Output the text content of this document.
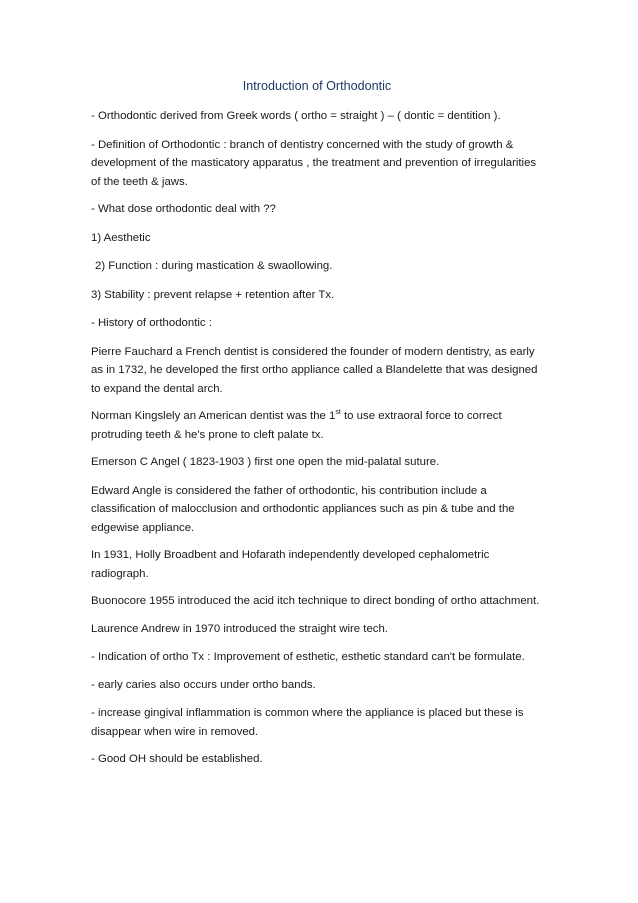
Introduction of Orthodontic
- Orthodontic derived from Greek words ( ortho = straight ) – ( dontic = dentition ).
- Definition of Orthodontic : branch of dentistry concerned with the study of growth & development of the masticatory apparatus , the treatment and prevention of irregularities of the teeth & jaws.
- What dose orthodontic deal with ??
1) Aesthetic
2) Function : during mastication & swaollowing.
3) Stability : prevent relapse + retention after Tx.
- History of orthodontic :
Pierre Fauchard a French dentist is considered the founder of modern dentistry, as early as in 1732, he developed the first ortho appliance called a Blandelette that was designed to expand the dental arch.
Norman Kingslely an American dentist was the 1st to use extraoral force to correct protruding teeth & he's prone to cleft palate tx.
Emerson C Angel ( 1823-1903 ) first one open the mid-palatal suture.
Edward Angle is considered the father of orthodontic, his contribution include a classification of malocclusion and orthodontic appliances such as pin & tube and the edgewise appliance.
In 1931, Holly Broadbent and Hofarath independently developed cephalometric radiograph.
Buonocore 1955 introduced the acid itch technique to direct bonding of ortho attachment.
Laurence Andrew in 1970 introduced the straight wire tech.
- Indication of ortho Tx : Improvement of esthetic, esthetic standard can't be formulate.
- early caries also occurs under ortho bands.
- increase gingival inflammation is common where the appliance is placed but these is disappear when wire in removed.
- Good OH should be established.
